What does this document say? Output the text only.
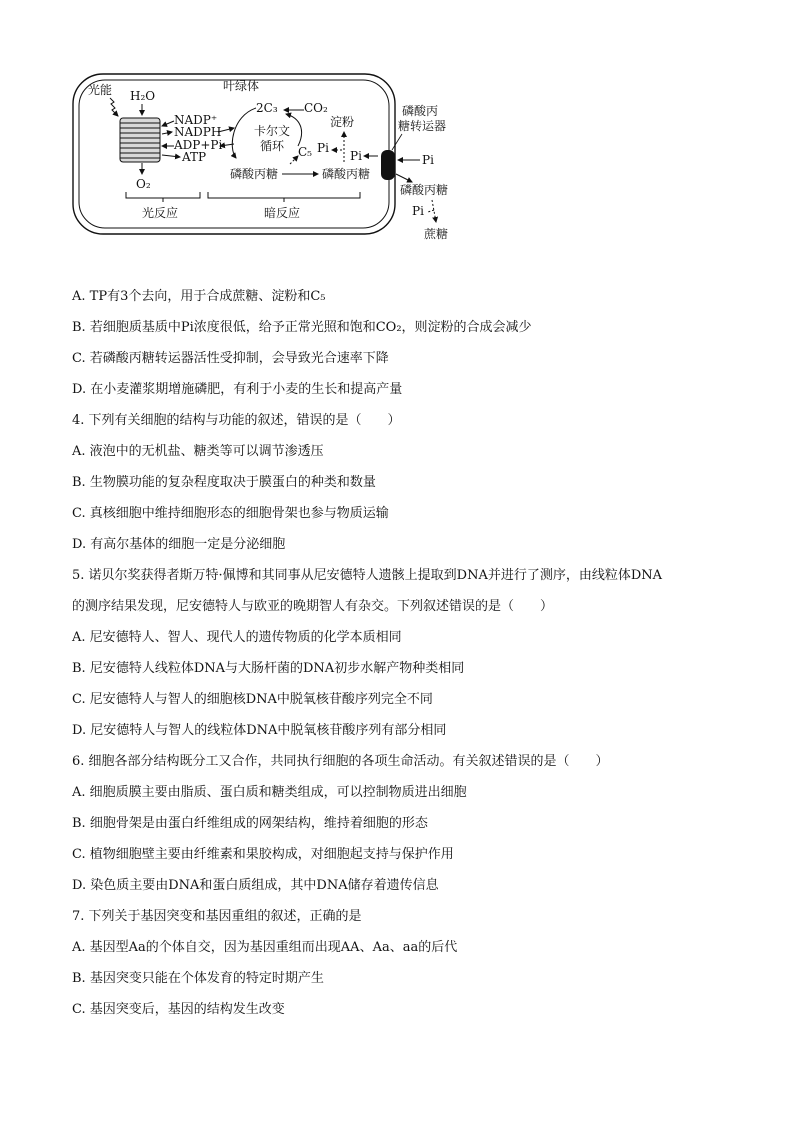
叶绿体
光能 H₂O
O₂
NADP⁺
NADPH
ADP+Pi
ATP
2C₃ CO₂
卡尔文
循环 C₅
磷酸丙糖	磷酸丙糖
淀粉
Pi
Pi
磷酸丙
糖转运器
Pi
磷酸丙糖
Pi
蔗糖
光反应	暗反应
A. TP有3个去向，用于合成蔗糖、淀粉和C₅
B. 若细胞质基质中Pi浓度很低，给予正常光照和饱和CO₂，则淀粉的合成会减少
C. 若磷酸丙糖转运器活性受抑制，会导致光合速率下降
D. 在小麦灌浆期增施磷肥，有利于小麦的生长和提高产量
4. 下列有关细胞的结构与功能的叙述，错误的是（　　）
A. 液泡中的无机盐、糖类等可以调节渗透压
B. 生物膜功能的复杂程度取决于膜蛋白的种类和数量
C. 真核细胞中维持细胞形态的细胞骨架也参与物质运输
D. 有高尔基体的细胞一定是分泌细胞
5. 诺贝尔奖获得者斯万特·佩博和其同事从尼安德特人遗骸上提取到DNA并进行了测序，由线粒体DNA
的测序结果发现，尼安德特人与欧亚的晚期智人有杂交。下列叙述错误的是（　　）
A. 尼安德特人、智人、现代人的遗传物质的化学本质相同
B. 尼安德特人线粒体DNA与大肠杆菌的DNA初步水解产物种类相同
C. 尼安德特人与智人的细胞核DNA中脱氧核苷酸序列完全不同
D. 尼安德特人与智人的线粒体DNA中脱氧核苷酸序列有部分相同
6. 细胞各部分结构既分工又合作，共同执行细胞的各项生命活动。有关叙述错误的是（　　）
A. 细胞质膜主要由脂质、蛋白质和糖类组成，可以控制物质进出细胞
B. 细胞骨架是由蛋白纤维组成的网架结构，维持着细胞的形态
C. 植物细胞壁主要由纤维素和果胶构成，对细胞起支持与保护作用
D. 染色质主要由DNA和蛋白质组成，其中DNA储存着遗传信息
7. 下列关于基因突变和基因重组的叙述，正确的是
A. 基因型Aa的个体自交，因为基因重组而出现AA、Aa、aa的后代
B. 基因突变只能在个体发育的特定时期产生
C. 基因突变后，基因的结构发生改变
